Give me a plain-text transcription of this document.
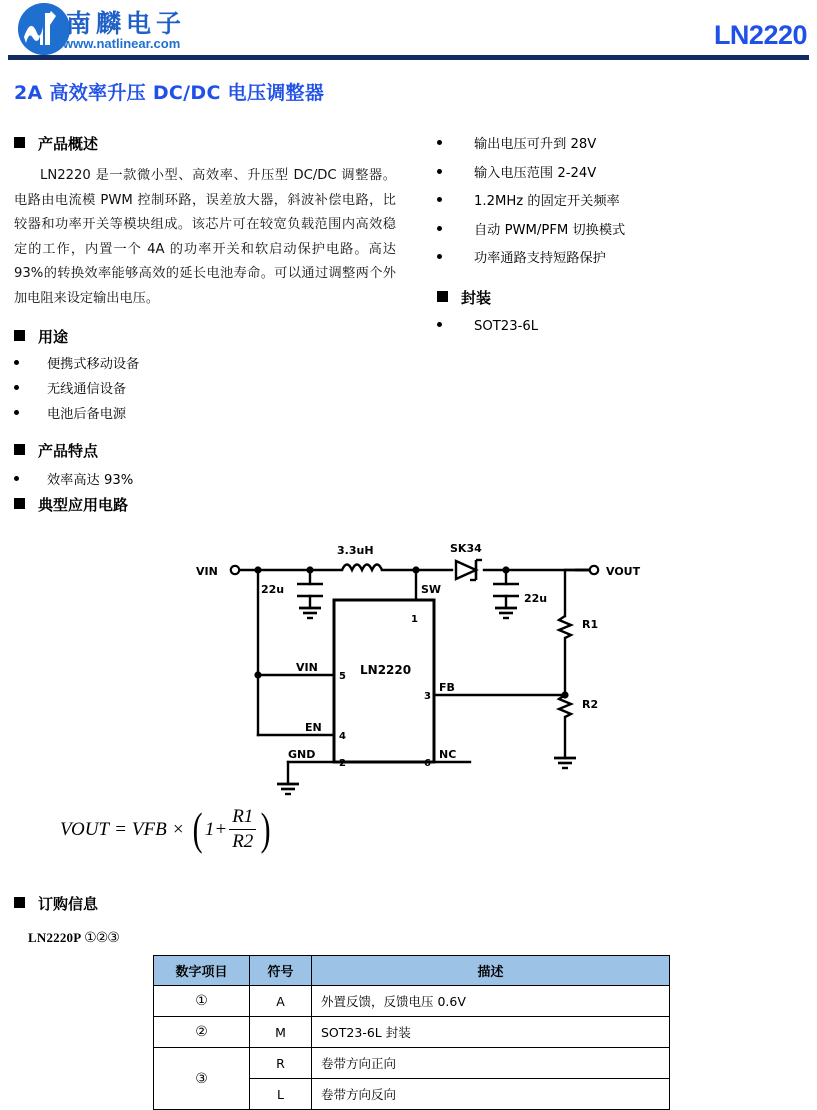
南麟电子
www.natlinear.com	LN2220
2A 高效率升压 DC/DC 电压调整器
产品概述
LN2220 是一款微小型、高效率、升压型 DC/DC 调整器。电路由电流模 PWM 控制环路，误差放大器，斜波补偿电路，比较器和功率开关等模块组成。该芯片可在较宽负载范围内高效稳定的工作，内置一个 4A 的功率开关和软启动保护电路。高达 93%的转换效率能够高效的延长电池寿命。可以通过调整两个外加电阻来设定输出电压。
用途
便携式移动设备
无线通信设备
电池后备电源
产品特点
效率高达 93%
典型应用电路
输出电压可升到 28V
输入电压范围 2-24V
1.2MHz 的固定开关频率
自动 PWM/PFM 切换模式
功率通路支持短路保护
封装
SOT23-6L
VIN	VOUT
22u
22u
3.3uH	SK34
SW
LN2220
VIN
EN
GND
FB
NC
1
2
3
4
5
6
R1
R2
VOUT = VFB × ( $1+ \frac{R1}{R2}$ )
订购信息
LN2220P ①②③
数字项目	符号	描述
①	A	外置反馈，反馈电压 0.6V
②	M	SOT23-6L 封装
③	R	卷带方向正向
	L	卷带方向反向
